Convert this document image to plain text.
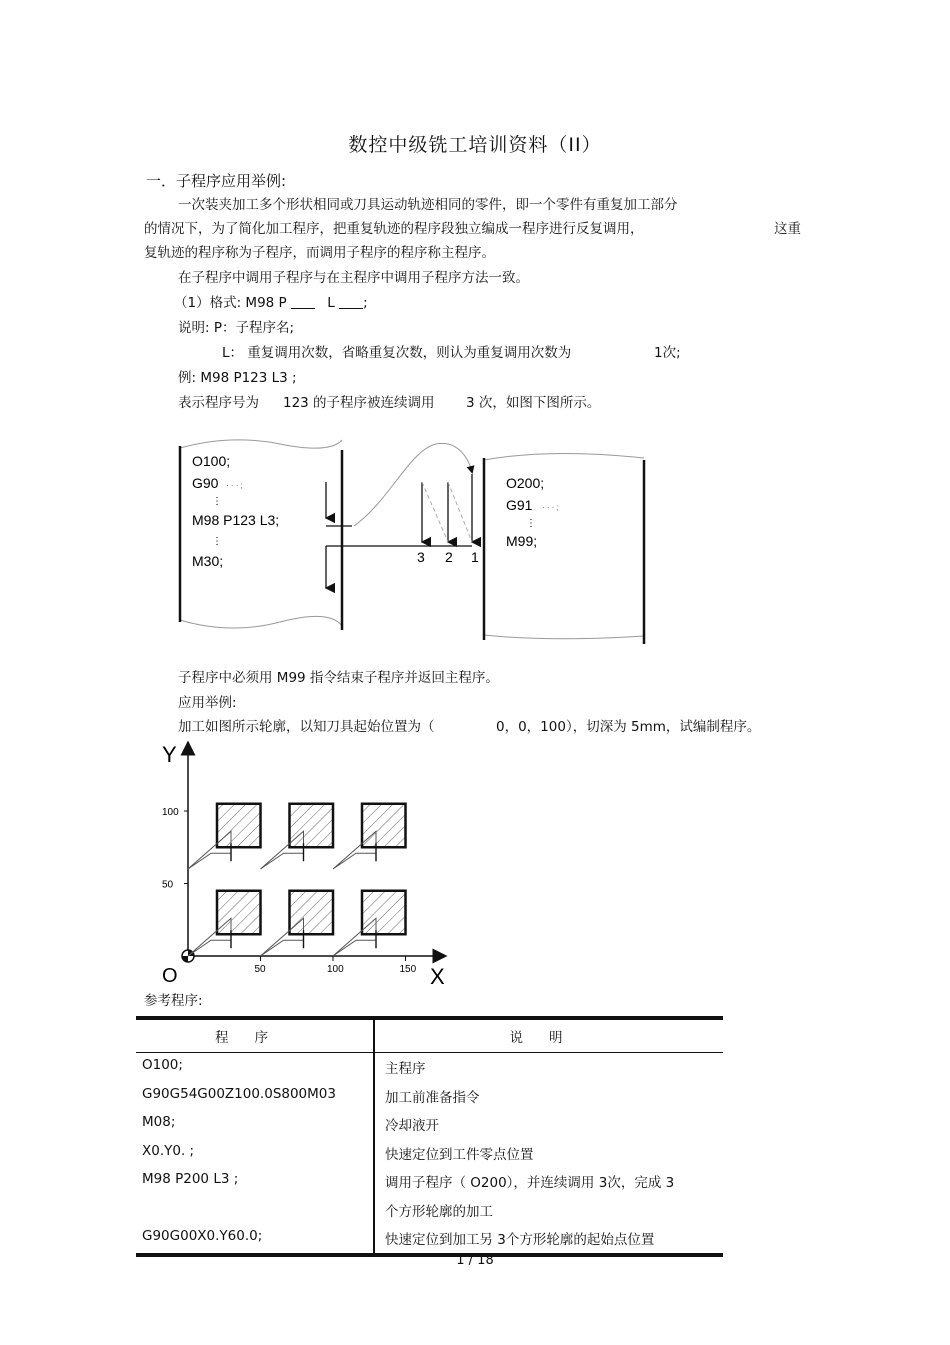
数控中级铣工培训资料（II）
一．子程序应用举例:
一次装夹加工多个形状相同或刀具运动轨迹相同的零件，即一个零件有重复加工部分
的情况下，为了简化加工程序，把重复轨迹的程序段独立编成一程序进行反复调用，	这重
复轨迹的程序称为子程序，而调用子程序的程序称主程序。
在子程序中调用子程序与在主程序中调用子程序方法一致。
（1）格式: M98 P	L ;
说明: P：子程序名;
L： 重复调用次数，省略重复次数，则认为重复调用次数为	1次;
例: M98 P123 L3 ;
表示程序号为 123 的子程序被连续调用 3 次，如图下图所示。
O100;
G90 · · · ;
⋮
M98 P123 L3;
⋮
M30;
O200;
G91 · · · ;
⋮
M99;
3 2 1
子程序中必须用 M99 指令结束子程序并返回主程序。
应用举例:
加工如图所示轮廓，以知刀具起始位置为（	0，0，100），切深为 5mm，试编制程序。
Y
X
O	50	100	150
50
100
参考程序:
程序	说明
O100;	主程序
G90G54G00Z100.0S800M03	加工前准备指令
M08;	冷却液开
X0.Y0. ;	快速定位到工件零点位置
M98 P200 L3 ;	调用子程序（ O200），并连续调用 3次，完成 3
	个方形轮廓的加工
G90G00X0.Y60.0;	快速定位到加工另 3个方形轮廓的起始点位置
1 / 18
